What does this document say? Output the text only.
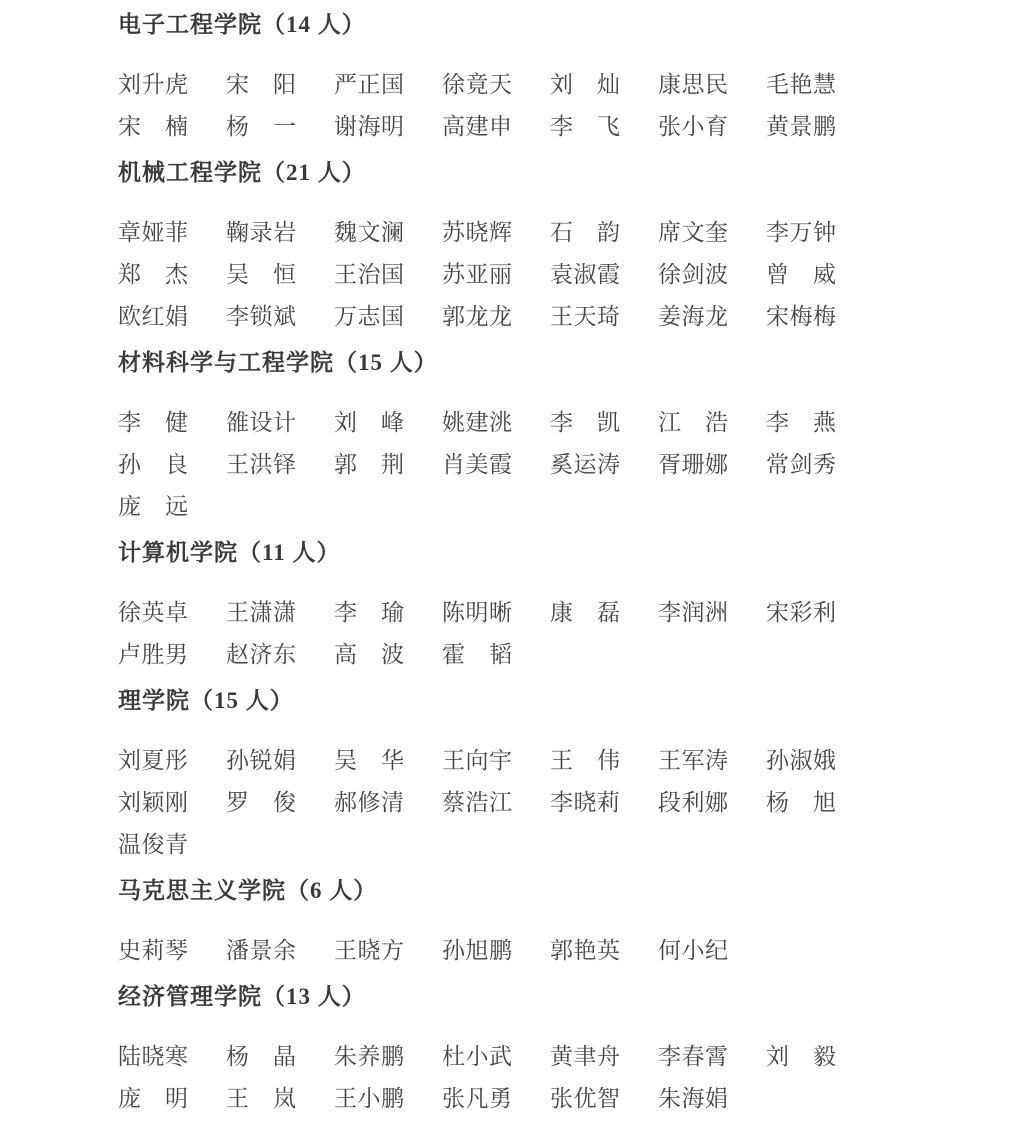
电子工程学院（14 人）
刘升虎 宋阳 严正国 徐竟天 刘灿 康思民 毛艳慧
宋楠 杨一 谢海明 高建申 李飞 张小育 黄景鹏
机械工程学院（21 人）
章娅菲 鞠录岩 魏文澜 苏晓辉 石韵 席文奎 李万钟
郑杰 吴恒 王治国 苏亚丽 袁淑霞 徐剑波 曾威
欧红娟 李锁斌 万志国 郭龙龙 王天琦 姜海龙 宋梅梅
材料科学与工程学院（15 人）
李健 雒设计 刘峰 姚建洮 李凯 江浩 李燕
孙良 王洪铎 郭荆 肖美霞 奚运涛 胥珊娜 常剑秀
庞远
计算机学院（11 人）
徐英卓 王潇潇 李瑜 陈明晰 康磊 李润洲 宋彩利
卢胜男 赵济东 高波 霍韬
理学院（15 人）
刘夏彤 孙锐娟 吴华 王向宇 王伟 王军涛 孙淑娥
刘颖刚 罗俊 郝修清 蔡浩江 李晓莉 段利娜 杨旭
温俊青
马克思主义学院（6 人）
史莉琴 潘景余 王晓方 孙旭鹏 郭艳英 何小纪
经济管理学院（13 人）
陆晓寒 杨晶 朱养鹏 杜小武 黄聿舟 李春霄 刘毅
庞明 王岚 王小鹏 张凡勇 张优智 朱海娟
